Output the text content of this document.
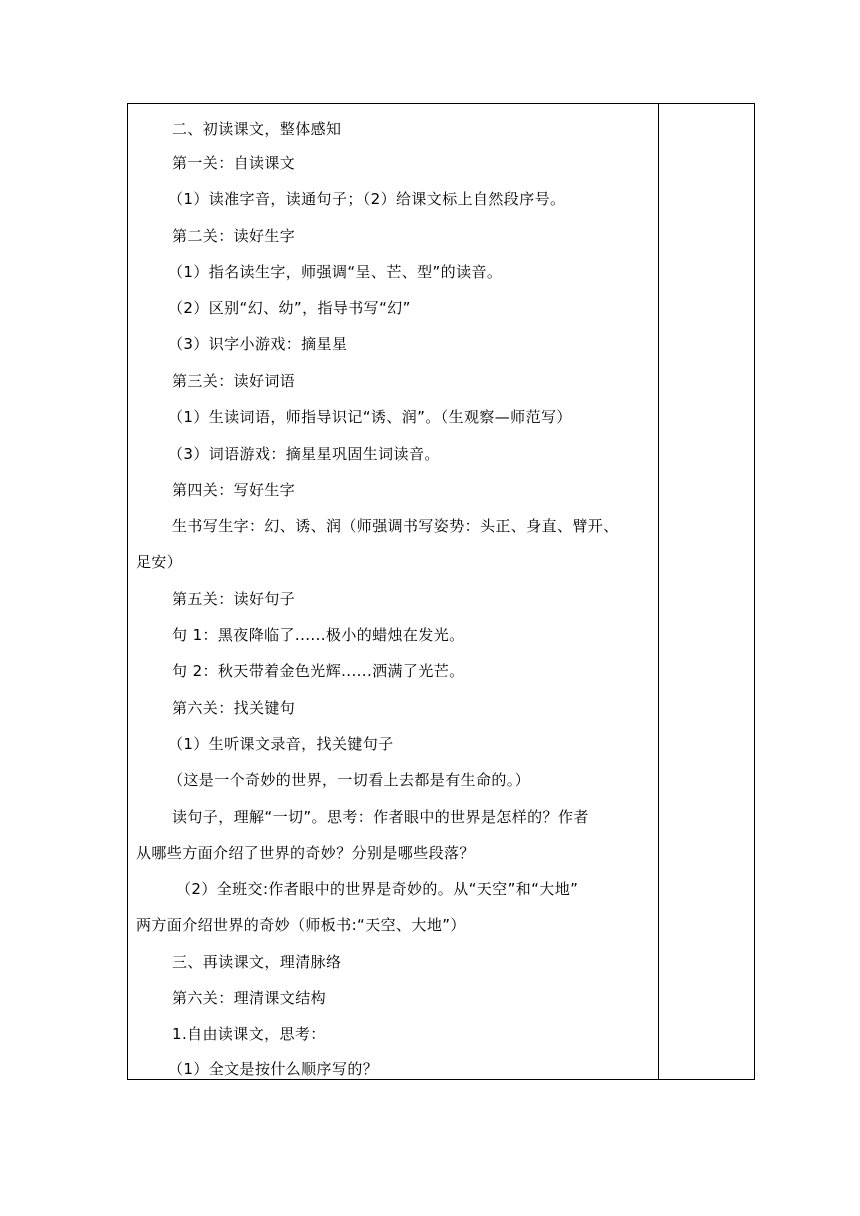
二、初读课文，整体感知
第一关：自读课文
（1）读准字音，读通句子；（2）给课文标上自然段序号。
第二关：读好生字
（1）指名读生字，师强调“呈、芒、型”的读音。
（2）区别“幻、幼”，指导书写“幻”
（3）识字小游戏：摘星星
第三关：读好词语
（1）生读词语，师指导识记“诱、润”。（生观察—师范写）
（3）词语游戏：摘星星巩固生词读音。
第四关：写好生字
生书写生字：幻、诱、润（师强调书写姿势：头正、身直、臂开、
足安）
第五关：读好句子
句 1：黑夜降临了......极小的蜡烛在发光。
句 2：秋天带着金色光辉......洒满了光芒。
第六关：找关键句
（1）生听课文录音，找关键句子
（这是一个奇妙的世界，一切看上去都是有生命的。）
读句子，理解“一切”。思考：作者眼中的世界是怎样的？作者
从哪些方面介绍了世界的奇妙？分别是哪些段落？
（2）全班交:作者眼中的世界是奇妙的。从“天空”和“大地”
两方面介绍世界的奇妙（师板书:“天空、大地”）
三、再读课文，理清脉络
第六关：理清课文结构
1.自由读课文，思考：
（1）全文是按什么顺序写的？
